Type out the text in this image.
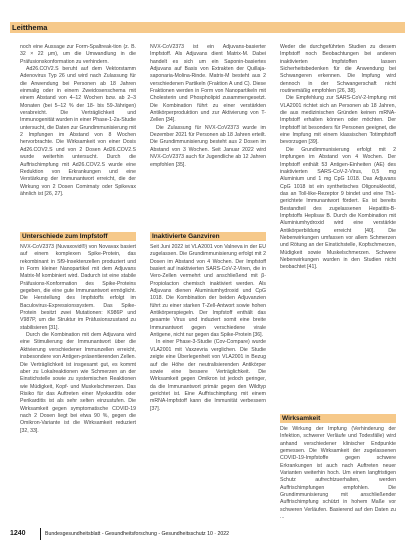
Leitthema

noch eine Aussage zur Form-Spaltreak-tion (z. B. 32 × 22 μm), um die Umwandlung in die Präfusionskonformation zu verhindern.

Ad26.COV2.S beruht auf dem Vektorstamm Adenovirus Typ 26 und wird nach Zulassung für die Anwendung bei Personen ab 18 Jahren einmalig oder in einem Zweidosenschema mit einem Abstand von 4–12 Wochen bzw. ab 2–3 Monaten (bei 5–12 % der 18- bis 59-Jährigen) verabreicht. Die Verträglichkeit und Immunogenität wurden in einer Phase-1-2a-Studie untersucht, die Daten zur Grundimmunisierung mit 2 Impfungen im Abstand von 8 Wochen hervorbrachte. Die Wirksamkeit von einer Dosis Ad26.COV2.S und von 2 Dosen Ad26.COV2.S wurde weiterhin untersucht. Durch die Auffrischimpfung mit Ad26.COV2.S wurde eine Reduktion von Erkrankungen und eine Verstärkung der Immunantwort erreicht, die der Wirkung von 2 Dosen Comirnaty oder Spikevax ähnlich ist [26, 27].

Unterschiede zum Impfstoff

NVX-CoV2373 (Nuvaxovid®) von Novavax basiert auf einem komplexen Spike-Protein, das rekombinant in Sf9-Insektenzellen produziert und in Form kleiner Nanopartikel mit dem Adjuvans Matrix-M kombiniert wird. Dadurch ist eine stabile Präfusions-Konformation des Spike-Proteins gegeben, die eine gute Immunantwort ermöglicht. Die Herstellung des Impfstoffs erfolgt im Baculovirus-Expressionssystem. Das Spike-Protein besitzt zwei Mutationen: K986P und V987P, um die Struktur im Präfusionszustand zu stabilisieren [31].

Durch die Kombination mit dem Adjuvans wird eine Stimulierung der Immunantwort über die Aktivierung verschiedener Immunzellen erreicht, insbesondere von Antigen-präsentierenden Zellen. Die Verträglichkeit ist insgesamt gut, es kommt aber zu Lokalreaktionen wie Schmerzen an der Einstichstelle sowie zu systemischen Reaktionen wie Müdigkeit, Kopf- und Muskelschmerzen. Das Risiko für das Auftreten einer Myokarditis oder Perikarditis ist als sehr selten einzustufen. Die Wirksamkeit gegen symptomatische COVID-19 nach 2 Dosen liegt bei etwa 90 %, gegen die Omikron-Variante ist die Wirksamkeit reduziert [32, 33].

NVX-CoV2373 ist ein Adjuvans-basierter Impfstoff. Als Adjuvans dient Matrix-M. Dabei handelt es sich um ein Saponin-basiertes Adjuvans auf Basis von Extrakten der Quillaja-saponaria-Molina-Rinde. Matrix-M besteht aus 2 verschiedenen Partikeln (Fraktion A und C). Diese Fraktionen werden in Form von Nanopartikeln mit Cholesterin und Phospholipid zusammengesetzt. Die Kombination führt zu einer verstärkten Antikörperproduktion und zur Aktivierung von T-Zellen [34].

Die Zulassung für NVX-CoV2373 wurde im Dezember 2021 für Personen ab 18 Jahren erteilt. Die Grundimmunisierung besteht aus 2 Dosen im Abstand von 3 Wochen. Seit Januar 2022 wird NVX-CoV2373 auch für Jugendliche ab 12 Jahren empfohlen [35].

Inaktivierte Ganzviren

Seit Juni 2022 ist VLA2001 von Valneva in der EU zugelassen. Die Grundimmunisierung erfolgt mit 2 Dosen im Abstand von 4 Wochen. Der Impfstoff basiert auf inaktivierten SARS-CoV-2-Viren, die in Vero-Zellen vermehrt und anschließend mit β-Propiolacton chemisch inaktiviert werden. Als Adjuvans dienen Aluminiumhydroxid und CpG 1018. Die Kombination der beiden Adjuvanzien führt zu einer starken T-Zell-Antwort sowie hohen Antikörperspiegeln. Der Impfstoff enthält das gesamte Virus und induziert somit eine breite Immunantwort gegen verschiedene virale Antigene, nicht nur gegen das Spike-Protein [36].

In einer Phase-3-Studie (Cov-Compare) wurde VLA2001 mit Vaxzevria verglichen. Die Studie zeigte eine Überlegenheit von VLA2001 in Bezug auf die Höhe der neutralisierenden Antikörper sowie eine bessere Verträglichkeit. Die Wirksamkeit gegen Omikron ist jedoch geringer, da die Immunantwort primär gegen den Wildtyp gerichtet ist. Eine Auffrischimpfung mit einem mRNA-Impfstoff kann die Immunität verbessern [37].

Weder die durchgeführten Studien zu diesem Impfstoff noch Beobachtungen bei anderen inaktivierten Impfstoffen lassen Sicherheitsbedenken für die Anwendung bei Schwangeren erkennen. Die Impfung wird dennoch in der Schwangerschaft nicht routinemäßig empfohlen [26, 38].

Die Empfehlung zur SARS-CoV-2-Impfung mit VLA2001 richtet sich an Personen ab 18 Jahren, die aus medizinischen Gründen keinen mRNA-Impfstoff erhalten können oder möchten. Der Impfstoff ist besonders für Personen geeignet, die eine Impfung mit einem klassischen Totimpfstoff bevorzugen [39].

Die Grundimmunisierung erfolgt mit 2 Impfungen im Abstand von 4 Wochen. Der Impfstoff enthält 53 Antigen-Einheiten (AE) des inaktivierten SARS-CoV-2-Virus, 0,5 mg Aluminium und 1 mg CpG 1018. Das Adjuvans CpG 1018 ist ein synthetisches Oligonukleotid, das an Toll-like-Rezeptor 9 bindet und eine Th1-gerichtete Immunantwort fördert. Es ist bereits Bestandteil des zugelassenen Hepatitis-B-Impfstoffs Heplisav B. Durch die Kombination mit Aluminiumhydroxid wird eine verstärkte Antikörperbildung erreicht [40]. Die Nebenwirkungen umfassen vor allem Schmerzen und Rötung an der Einstichstelle, Kopfschmerzen, Müdigkeit sowie Muskelschmerzen. Schwere Nebenwirkungen wurden in den Studien nicht beobachtet [41].

Wirksamkeit

Die Wirkung der Impfung (Verhinderung der Infektion, schwerer Verläufe und Todesfälle) wird anhand verschiedener klinischer Endpunkte gemessen. Die Wirksamkeit der zugelassenen COVID-19-Impfstoffe gegen schwere Erkrankungen ist auch nach Auftreten neuer Varianten weiterhin hoch. Um einen langfristigen Schutz aufrechtzuerhalten, werden Auffrischimpfungen empfohlen. Die Grundimmunisierung mit anschließender Auffrischimpfung schützt in hohem Maße vor schweren Verläufen. Basierend auf den Daten zu ...

1240	Bundesgesundheitsblatt - Gesundheitsforschung - Gesundheitsschutz 10 · 2022
